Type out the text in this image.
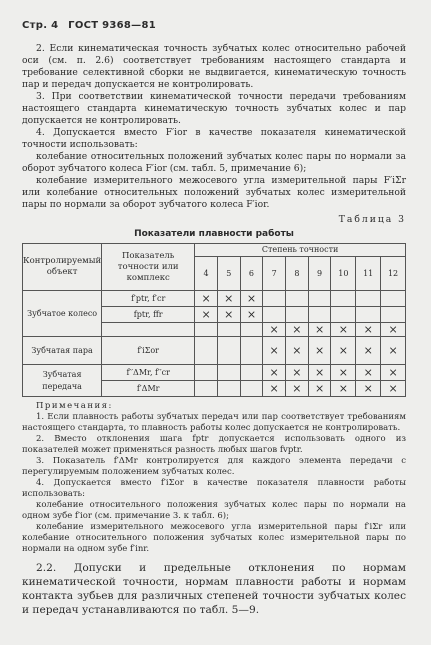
Стр. 4 ГОСТ 9368—81

2. Если кинематическая точность зубчатых колес относительно рабочей оси (см. п. 2.6) соответствует требованиям настоящего стандарта и требование селективной сборки не выдвигается, кинематическую точность пар и передач допускается не контролировать.

3. При соответствии кинематической точности передачи требованиям настоящего стандарта кинематическую точность зубчатых колес и пар допускается не контролировать.

4. Допускается вместо F′ior в качестве показателя кинематической точности использовать:

колебание относительных положений зубчатых колес пары по нормали за оборот зубчатого колеса F′ior (см. табл. 5, примечание 6);

колебание измерительного межосевого угла измерительной пары F′iΣr или колебание относительных положений зубчатых колес измерительной пары по нормали за оборот зубчатого колеса F′ior.

Таблица 3
Показатели плавности работы
Контролируемый объект	Показатель точности или комплекс	Степень точности								
		4	5	6	7	8	9	10	11	12
Зубчатое колесо	f′ptr, f′cr	×	×	×						
	fptr, ffr	×	×	×						
					×	×	×	×	×	×
Зубчатая пара	f′iΣor				×	×	×	×	×	×
Зубчатая передача	f′′ΔMr, f′′cr				×	×	×	×	×	×
	f′ΔMr				×	×	×	×	×	×
Примечания:

1. Если плавность работы зубчатых передач или пар соответствует требованиям настоящего стандарта, то плавность работы колес допускается не контролировать.

2. Вместо отклонения шага fptr допускается использовать одного из показателей может применяться разность любых шагов fvptr.

3. Показатель f′ΔMr контролируется для каждого элемента передачи с перегулируемым положением зубчатых колес.

4. Допускается вместо f′iΣor в качестве показателя плавности работы использовать:

колебание относительного положения зубчатых колес пары по нормали на одном зубе f′ior (см. примечание 3. к табл. 6);

колебание измерительного межосевого угла измерительной пары f′iΣr или колебание относительного положения зубчатых колес измерительной пары по нормали на одном зубе f′inr.

2.2. Допуски и предельные отклонения по нормам кинематической точности, нормам плавности работы и нормам контакта зубьев для различных степеней точности зубчатых колес и передач устанавливаются по табл. 5—9.
